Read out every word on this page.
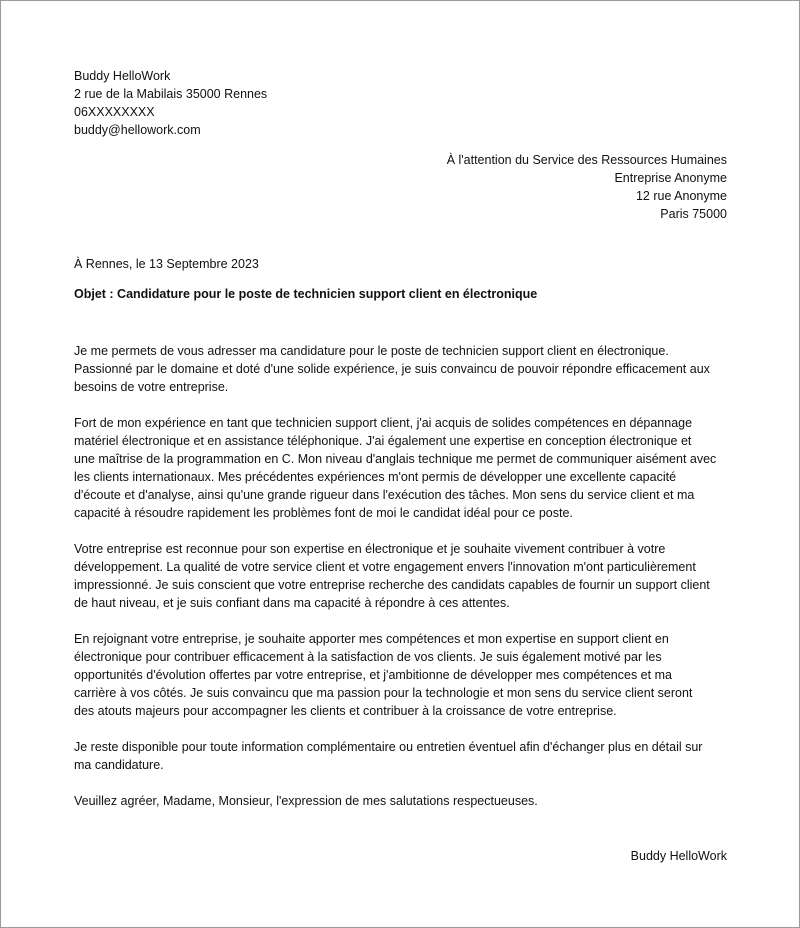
Buddy HelloWork
2 rue de la Mabilais 35000 Rennes
06XXXXXXXX
buddy@hellowork.com
À l'attention du Service des Ressources Humaines
Entreprise Anonyme
12 rue Anonyme
Paris 75000
À Rennes, le 13 Septembre 2023
Objet : Candidature pour le poste de technicien support client en électronique

Je me permets de vous adresser ma candidature pour le poste de technicien support client en électronique.
Passionné par le domaine et doté d'une solide expérience, je suis convaincu de pouvoir répondre efficacement aux
besoins de votre entreprise.

Fort de mon expérience en tant que technicien support client, j'ai acquis de solides compétences en dépannage
matériel électronique et en assistance téléphonique. J'ai également une expertise en conception électronique et
une maîtrise de la programmation en C. Mon niveau d'anglais technique me permet de communiquer aisément avec
les clients internationaux. Mes précédentes expériences m'ont permis de développer une excellente capacité
d'écoute et d'analyse, ainsi qu'une grande rigueur dans l'exécution des tâches. Mon sens du service client et ma
capacité à résoudre rapidement les problèmes font de moi le candidat idéal pour ce poste.

Votre entreprise est reconnue pour son expertise en électronique et je souhaite vivement contribuer à votre
développement. La qualité de votre service client et votre engagement envers l'innovation m'ont particulièrement
impressionné. Je suis conscient que votre entreprise recherche des candidats capables de fournir un support client
de haut niveau, et je suis confiant dans ma capacité à répondre à ces attentes.

En rejoignant votre entreprise, je souhaite apporter mes compétences et mon expertise en support client en
électronique pour contribuer efficacement à la satisfaction de vos clients. Je suis également motivé par les
opportunités d'évolution offertes par votre entreprise, et j'ambitionne de développer mes compétences et ma
carrière à vos côtés. Je suis convaincu que ma passion pour la technologie et mon sens du service client seront
des atouts majeurs pour accompagner les clients et contribuer à la croissance de votre entreprise.

Je reste disponible pour toute information complémentaire ou entretien éventuel afin d'échanger plus en détail sur
ma candidature.

Veuillez agréer, Madame, Monsieur, l'expression de mes salutations respectueuses.

Buddy HelloWork
